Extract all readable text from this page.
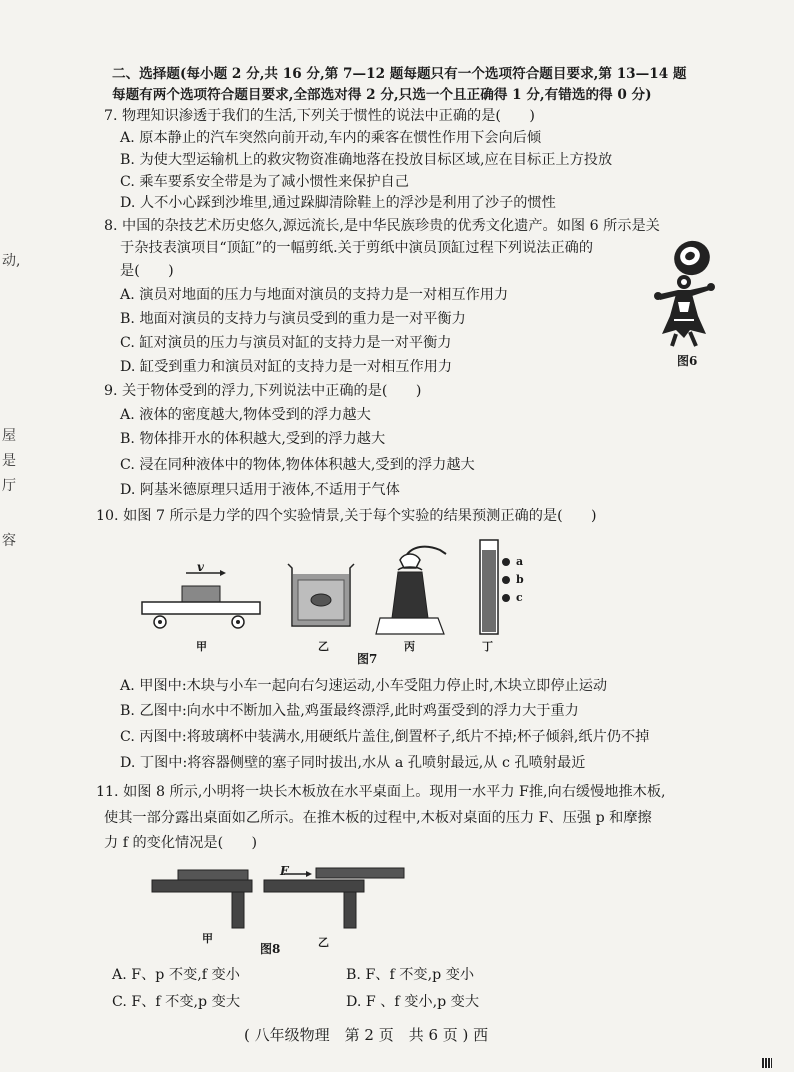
动,
屋
是
厅
容
二、选择题(每小题 2 分,共 16 分,第 7—12 题每题只有一个选项符合题目要求,第 13—14 题
每题有两个选项符合题目要求,全部选对得 2 分,只选一个且正确得 1 分,有错选的得 0 分)
7. 物理知识渗透于我们的生活,下列关于惯性的说法中正确的是(　　)
A. 原本静止的汽车突然向前开动,车内的乘客在惯性作用下会向后倾
B. 为使大型运输机上的救灾物资准确地落在投放目标区域,应在目标正上方投放
C. 乘车要系安全带是为了减小惯性来保护自己
D. 人不小心踩到沙堆里,通过跺脚清除鞋上的浮沙是利用了沙子的惯性
8. 中国的杂技艺术历史悠久,源远流长,是中华民族珍贵的优秀文化遗产。如图 6 所示是关
于杂技表演项目“顶缸”的一幅剪纸.关于剪纸中演员顶缸过程下列说法正确的
是(　　)
A. 演员对地面的压力与地面对演员的支持力是一对相互作用力
B. 地面对演员的支持力与演员受到的重力是一对平衡力
C. 缸对演员的压力与演员对缸的支持力是一对平衡力
D. 缸受到重力和演员对缸的支持力是一对相互作用力	图6
9. 关于物体受到的浮力,下列说法中正确的是(　　)
A. 液体的密度越大,物体受到的浮力越大
B. 物体排开水的体积越大,受到的浮力越大
C. 浸在同种液体中的物体,物体体积越大,受到的浮力越大
D. 阿基米德原理只适用于液体,不适用于气体
10. 如图 7 所示是力学的四个实验情景,关于每个实验的结果预测正确的是(　　)
v
甲	乙	丙
a
b
c
丁
图7
A. 甲图中:木块与小车一起向右匀速运动,小车受阻力停止时,木块立即停止运动
B. 乙图中:向水中不断加入盐,鸡蛋最终漂浮,此时鸡蛋受到的浮力大于重力
C. 丙图中:将玻璃杯中装满水,用硬纸片盖住,倒置杯子,纸片不掉;杯子倾斜,纸片仍不掉
D. 丁图中:将容器侧壁的塞子同时拔出,水从 a 孔喷射最远,从 c 孔喷射最近
11. 如图 8 所示,小明将一块长木板放在水平桌面上。现用一水平力 F推,向右缓慢地推木板,
使其一部分露出桌面如乙所示。在推木板的过程中,木板对桌面的压力 F、压强 p 和摩擦
力 f 的变化情况是(　　)
甲
F
乙
图8
A. F、p 不变,f 变小	B. F、f 不变,p 变小
C. F、f 不变,p 变大	D. F 、f 变小,p 变大
( 八年级物理　第 2 页　共 6 页 ) 西
